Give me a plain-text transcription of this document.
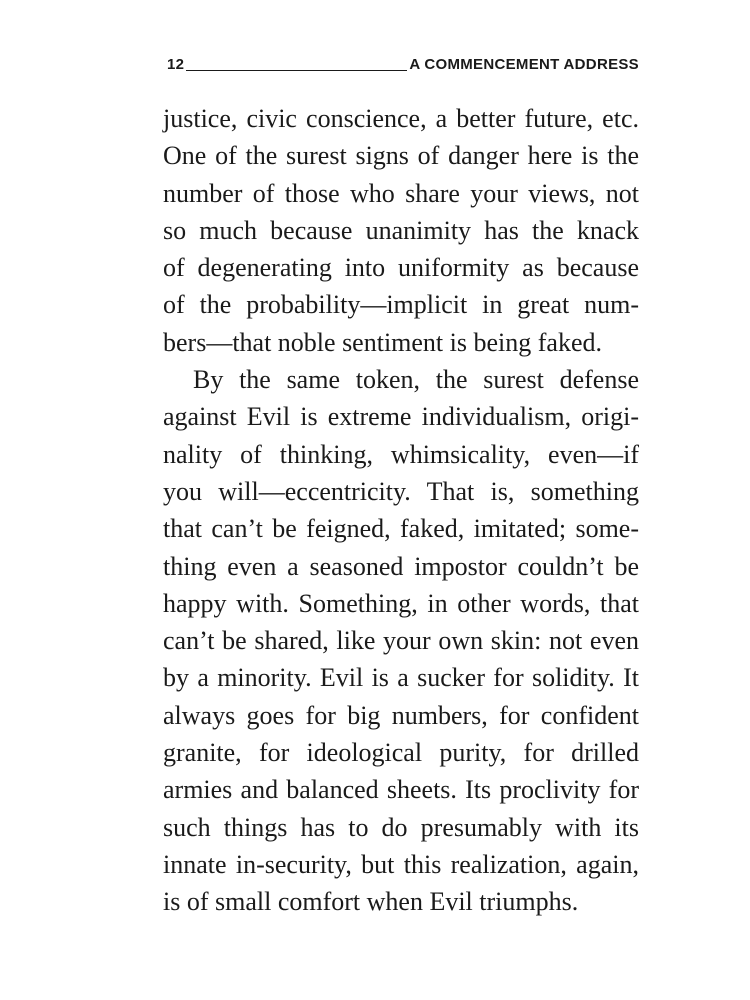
12	A COMMENCEMENT ADDRESS
justice, civic conscience, a better future, etc.
One of the surest signs of danger here is the
number of those who share your views, not
so much because unanimity has the knack
of degenerating into uniformity as because
of the probability—implicit in great num-
bers—that noble sentiment is being faked.
By the same token, the surest defense
against Evil is extreme individualism, origi-
nality of thinking, whimsicality, even—if
you will—eccentricity. That is, something
that can’t be feigned, faked, imitated; some-
thing even a seasoned impostor couldn’t be
happy with. Something, in other words, that
can’t be shared, like your own skin: not even
by a minority. Evil is a sucker for solidity. It
always goes for big numbers, for confident
granite, for ideological purity, for drilled
armies and balanced sheets. Its proclivity for
such things has to do presumably with its
innate in-security, but this realization, again,
is of small comfort when Evil triumphs.
